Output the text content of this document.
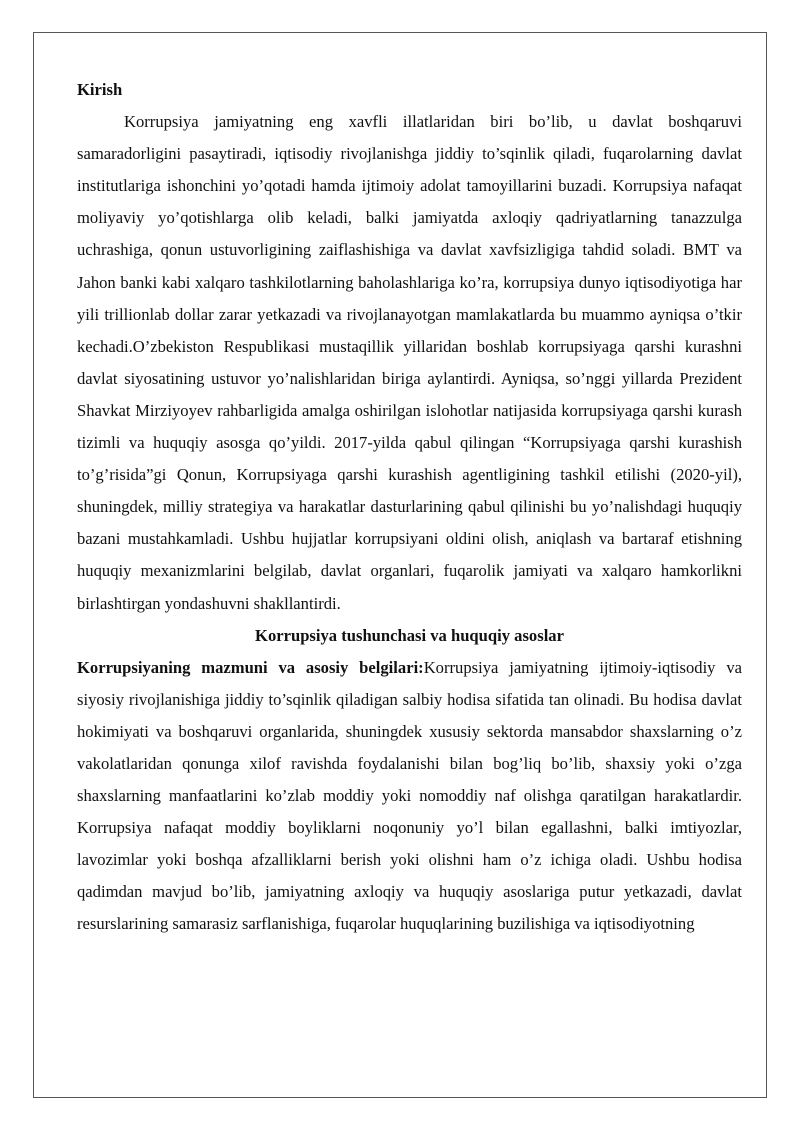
Kirish

Korrupsiya jamiyatning eng xavfli illatlaridan biri bo’lib, u davlat boshqaruvi samaradorligini pasaytiradi, iqtisodiy rivojlanishga jiddiy to’sqinlik qiladi, fuqarolarning davlat institutlariga ishonchini yo’qotadi hamda ijtimoiy adolat tamoyillarini buzadi. Korrupsiya nafaqat moliyaviy yo’qotishlarga olib keladi, balki jamiyatda axloqiy qadriyatlarning tanazzulga uchrashiga, qonun ustuvorligining zaiflashishiga va davlat xavfsizligiga tahdid soladi. BMT va Jahon banki kabi xalqaro tashkilotlarning baholashlariga ko’ra, korrupsiya dunyo iqtisodiyotiga har yili trillionlab dollar zarar yetkazadi va rivojlanayotgan mamlakatlarda bu muammo ayniqsa o’tkir kechadi.O’zbekiston Respublikasi mustaqillik yillaridan boshlab korrupsiyaga qarshi kurashni davlat siyosatining ustuvor yo’nalishlaridan biriga aylantirdi. Ayniqsa, so’nggi yillarda Prezident Shavkat Mirziyoyev rahbarligida amalga oshirilgan islohotlar natijasida korrupsiyaga qarshi kurash tizimli va huquqiy asosga qo’yildi. 2017-yilda qabul qilingan “Korrupsiyaga qarshi kurashish to’g’risida”gi Qonun, Korrupsiyaga qarshi kurashish agentligining tashkil etilishi (2020-yil), shuningdek, milliy strategiya va harakatlar dasturlarining qabul qilinishi bu yo’nalishdagi huquqiy bazani mustahkamladi. Ushbu hujjatlar korrupsiyani oldini olish, aniqlash va bartaraf etishning huquqiy mexanizmlarini belgilab, davlat organlari, fuqarolik jamiyati va xalqaro hamkorlikni birlashtirgan yondashuvni shakllantirdi.

Korrupsiya tushunchasi va huquqiy asoslar

Korrupsiyaning mazmuni va asosiy belgilari:Korrupsiya jamiyatning ijtimoiy-iqtisodiy va siyosiy rivojlanishiga jiddiy to’sqinlik qiladigan salbiy hodisa sifatida tan olinadi. Bu hodisa davlat hokimiyati va boshqaruvi organlarida, shuningdek xususiy sektorda mansabdor shaxslarning o’z vakolatlaridan qonunga xilof ravishda foydalanishi bilan bog’liq bo’lib, shaxsiy yoki o’zga shaxslarning manfaatlarini ko’zlab moddiy yoki nomoddiy naf olishga qaratilgan harakatlardir. Korrupsiya nafaqat moddiy boyliklarni noqonuniy yo’l bilan egallashni, balki imtiyozlar, lavozimlar yoki boshqa afzalliklarni berish yoki olishni ham o’z ichiga oladi. Ushbu hodisa qadimdan mavjud bo’lib, jamiyatning axloqiy va huquqiy asoslariga putur yetkazadi, davlat resurslarining samarasiz sarflanishiga, fuqarolar huquqlarining buzilishiga va iqtisodiyotning
